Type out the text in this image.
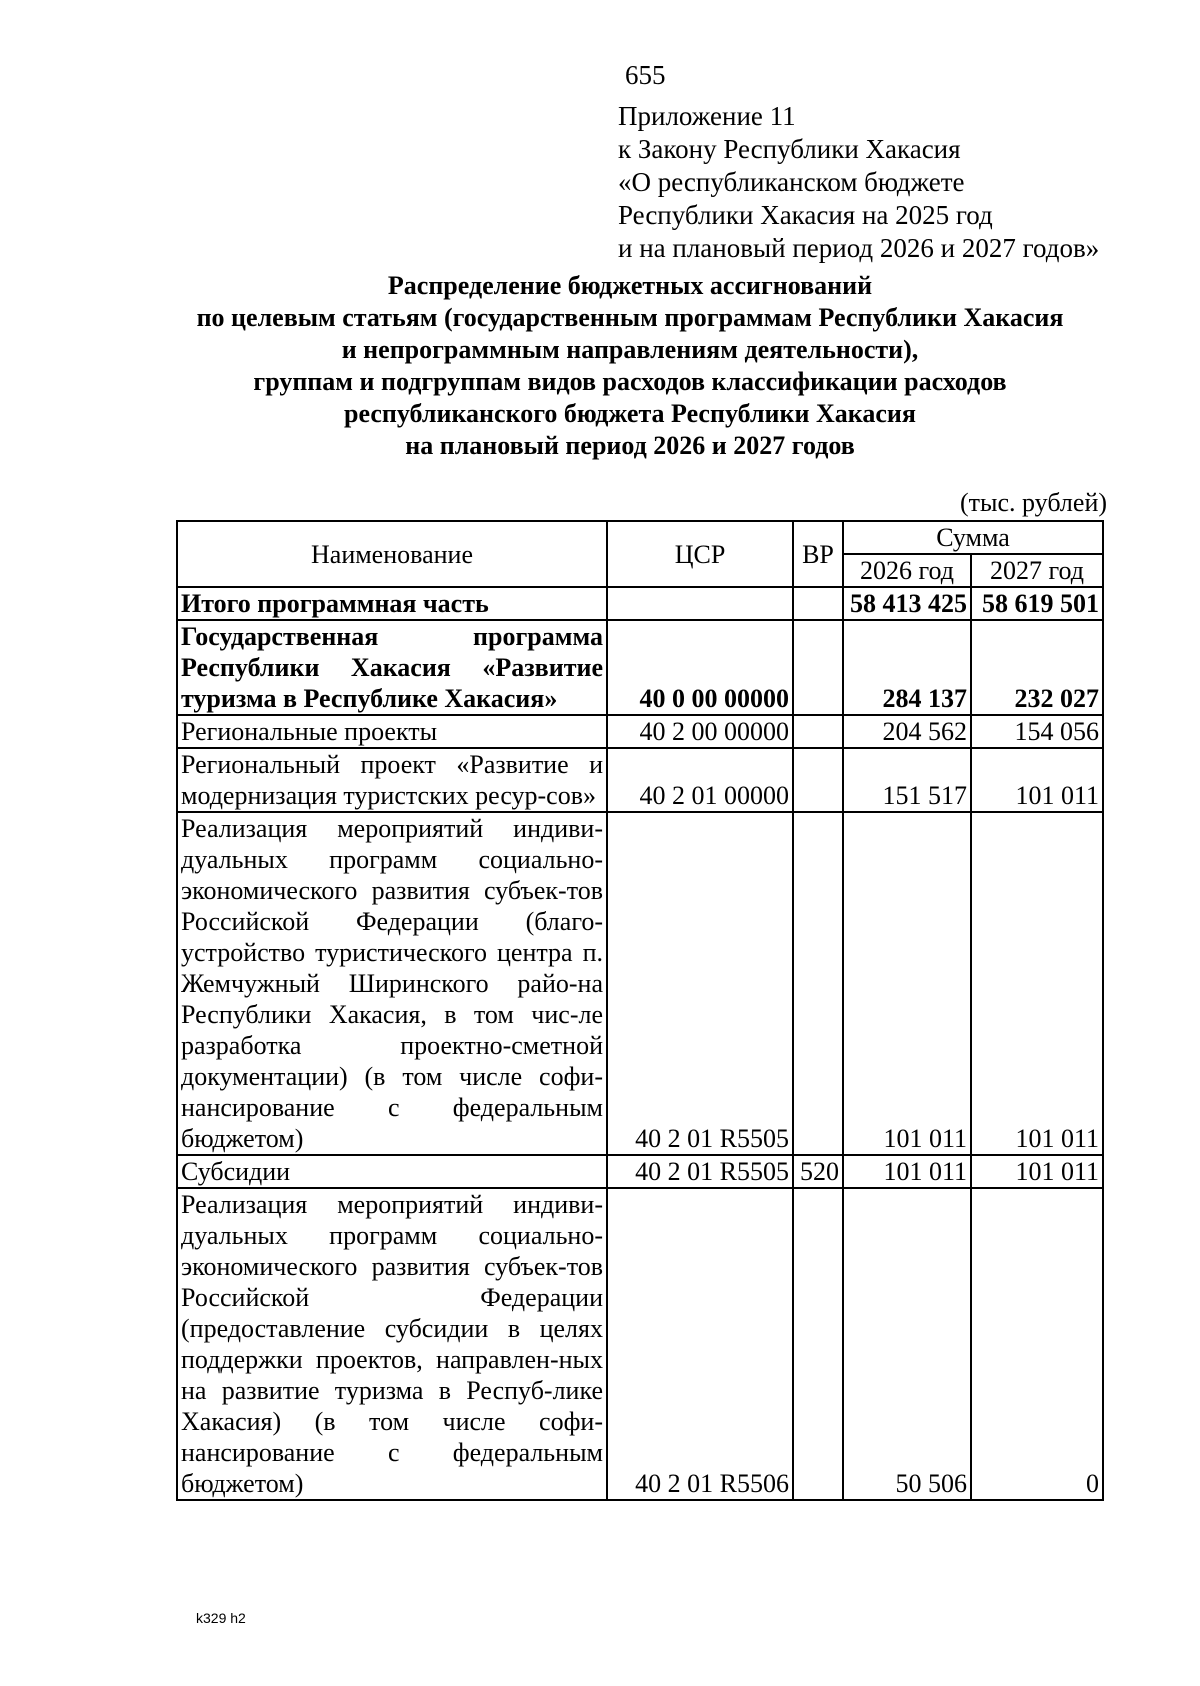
655
Приложение 11
к Закону Республики Хакасия
«О республиканском бюджете
Республики Хакасия на 2025 год
и на плановый период 2026 и 2027 годов»
Распределение бюджетных ассигнований
по целевым статьям (государственным программам Республики Хакасия
и непрограммным направлениям деятельности),
группам и подгруппам видов расходов классификации расходов
республиканского бюджета Республики Хакасия
на плановый период 2026 и 2027 годов
(тыс. рублей)
Наименование	ЦСР	ВР	Сумма	
			2026 год	2027 год
Итого программная часть			58 413 425	58 619 501
Государственная программа Республики Хакасия «Развитие туризма в Республике Хакасия»	40 0 00 00000		284 137	232 027
Региональные проекты	40 2 00 00000		204 562	154 056
Региональный проект «Развитие и модернизация туристских ресур-сов»	40 2 01 00000		151 517	101 011
Реализация мероприятий индиви-дуальных программ социально-экономического развития субъек-тов Российской Федерации (благо-устройство туристического центра п. Жемчужный Ширинского райо-на Республики Хакасия, в том чис-ле разработка проектно-сметной документации) (в том числе софи-нансирование с федеральным бюджетом)	40 2 01 R5505		101 011	101 011
Субсидии	40 2 01 R5505	520	101 011	101 011
Реализация мероприятий индиви-дуальных программ социально-экономического развития субъек-тов Российской Федерации (предоставление субсидии в целях поддержки проектов, направлен-ных на развитие туризма в Респуб-лике Хакасия) (в том числе софи-нансирование с федеральным бюджетом)	40 2 01 R5506		50 506	0
k329 h2
